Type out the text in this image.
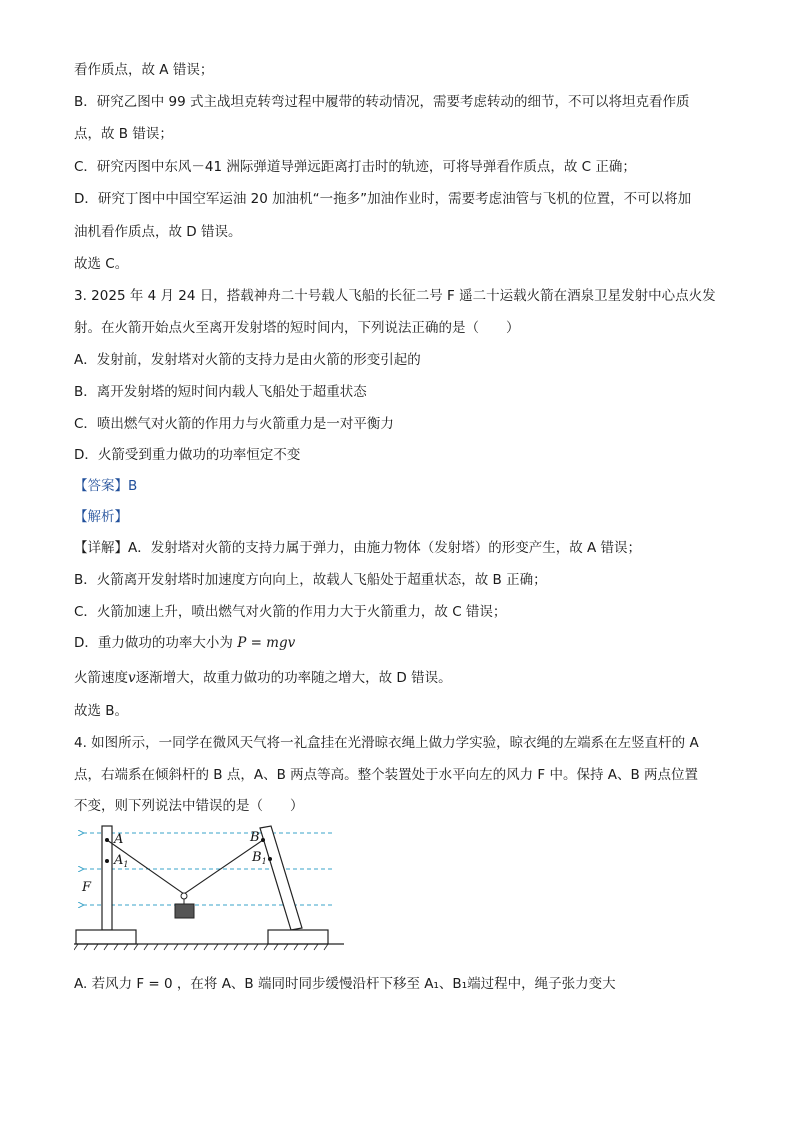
看作质点，故 A 错误；
B．研究乙图中 99 式主战坦克转弯过程中履带的转动情况，需要考虑转动的细节，不可以将坦克看作质
点，故 B 错误；
C．研究丙图中东风－41 洲际弹道导弹远距离打击时的轨迹，可将导弹看作质点，故 C 正确；
D．研究丁图中中国空军运油 20 加油机“一拖多”加油作业时，需要考虑油管与飞机的位置，不可以将加
油机看作质点，故 D 错误。
故选 C。
3. 2025 年 4 月 24 日，搭载神舟二十号载人飞船的长征二号 F 遥二十运载火箭在酒泉卫星发射中心点火发
射。在火箭开始点火至离开发射塔的短时间内，下列说法正确的是（　　）
A．发射前，发射塔对火箭的支持力是由火箭的形变引起的
B．离开发射塔的短时间内载人飞船处于超重状态
C．喷出燃气对火箭的作用力与火箭重力是一对平衡力
D．火箭受到重力做功的功率恒定不变
【答案】B
【解析】
【详解】A．发射塔对火箭的支持力属于弹力，由施力物体（发射塔）的形变产生，故 A 错误；
B．火箭离开发射塔时加速度方向向上，故载人飞船处于超重状态，故 B 正确；
C．火箭加速上升，喷出燃气对火箭的作用力大于火箭重力，故 C 错误；
D．重力做功的功率大小为 P = mgv
火箭速度v逐渐增大，故重力做功的功率随之增大，故 D 错误。
故选 B。
4. 如图所示，一同学在微风天气将一礼盒挂在光滑晾衣绳上做力学实验，晾衣绳的左端系在左竖直杆的 A
点，右端系在倾斜杆的 B 点，A、B 两点等高。整个装置处于水平向左的风力 F 中。保持 A、B 两点位置
不变，则下列说法中错误的是（　　）
A
$A_1$
B
$B_1$
F
A. 若风力 F = 0 ，在将 A、B 端同时同步缓慢沿杆下移至 A₁、B₁端过程中，绳子张力变大
